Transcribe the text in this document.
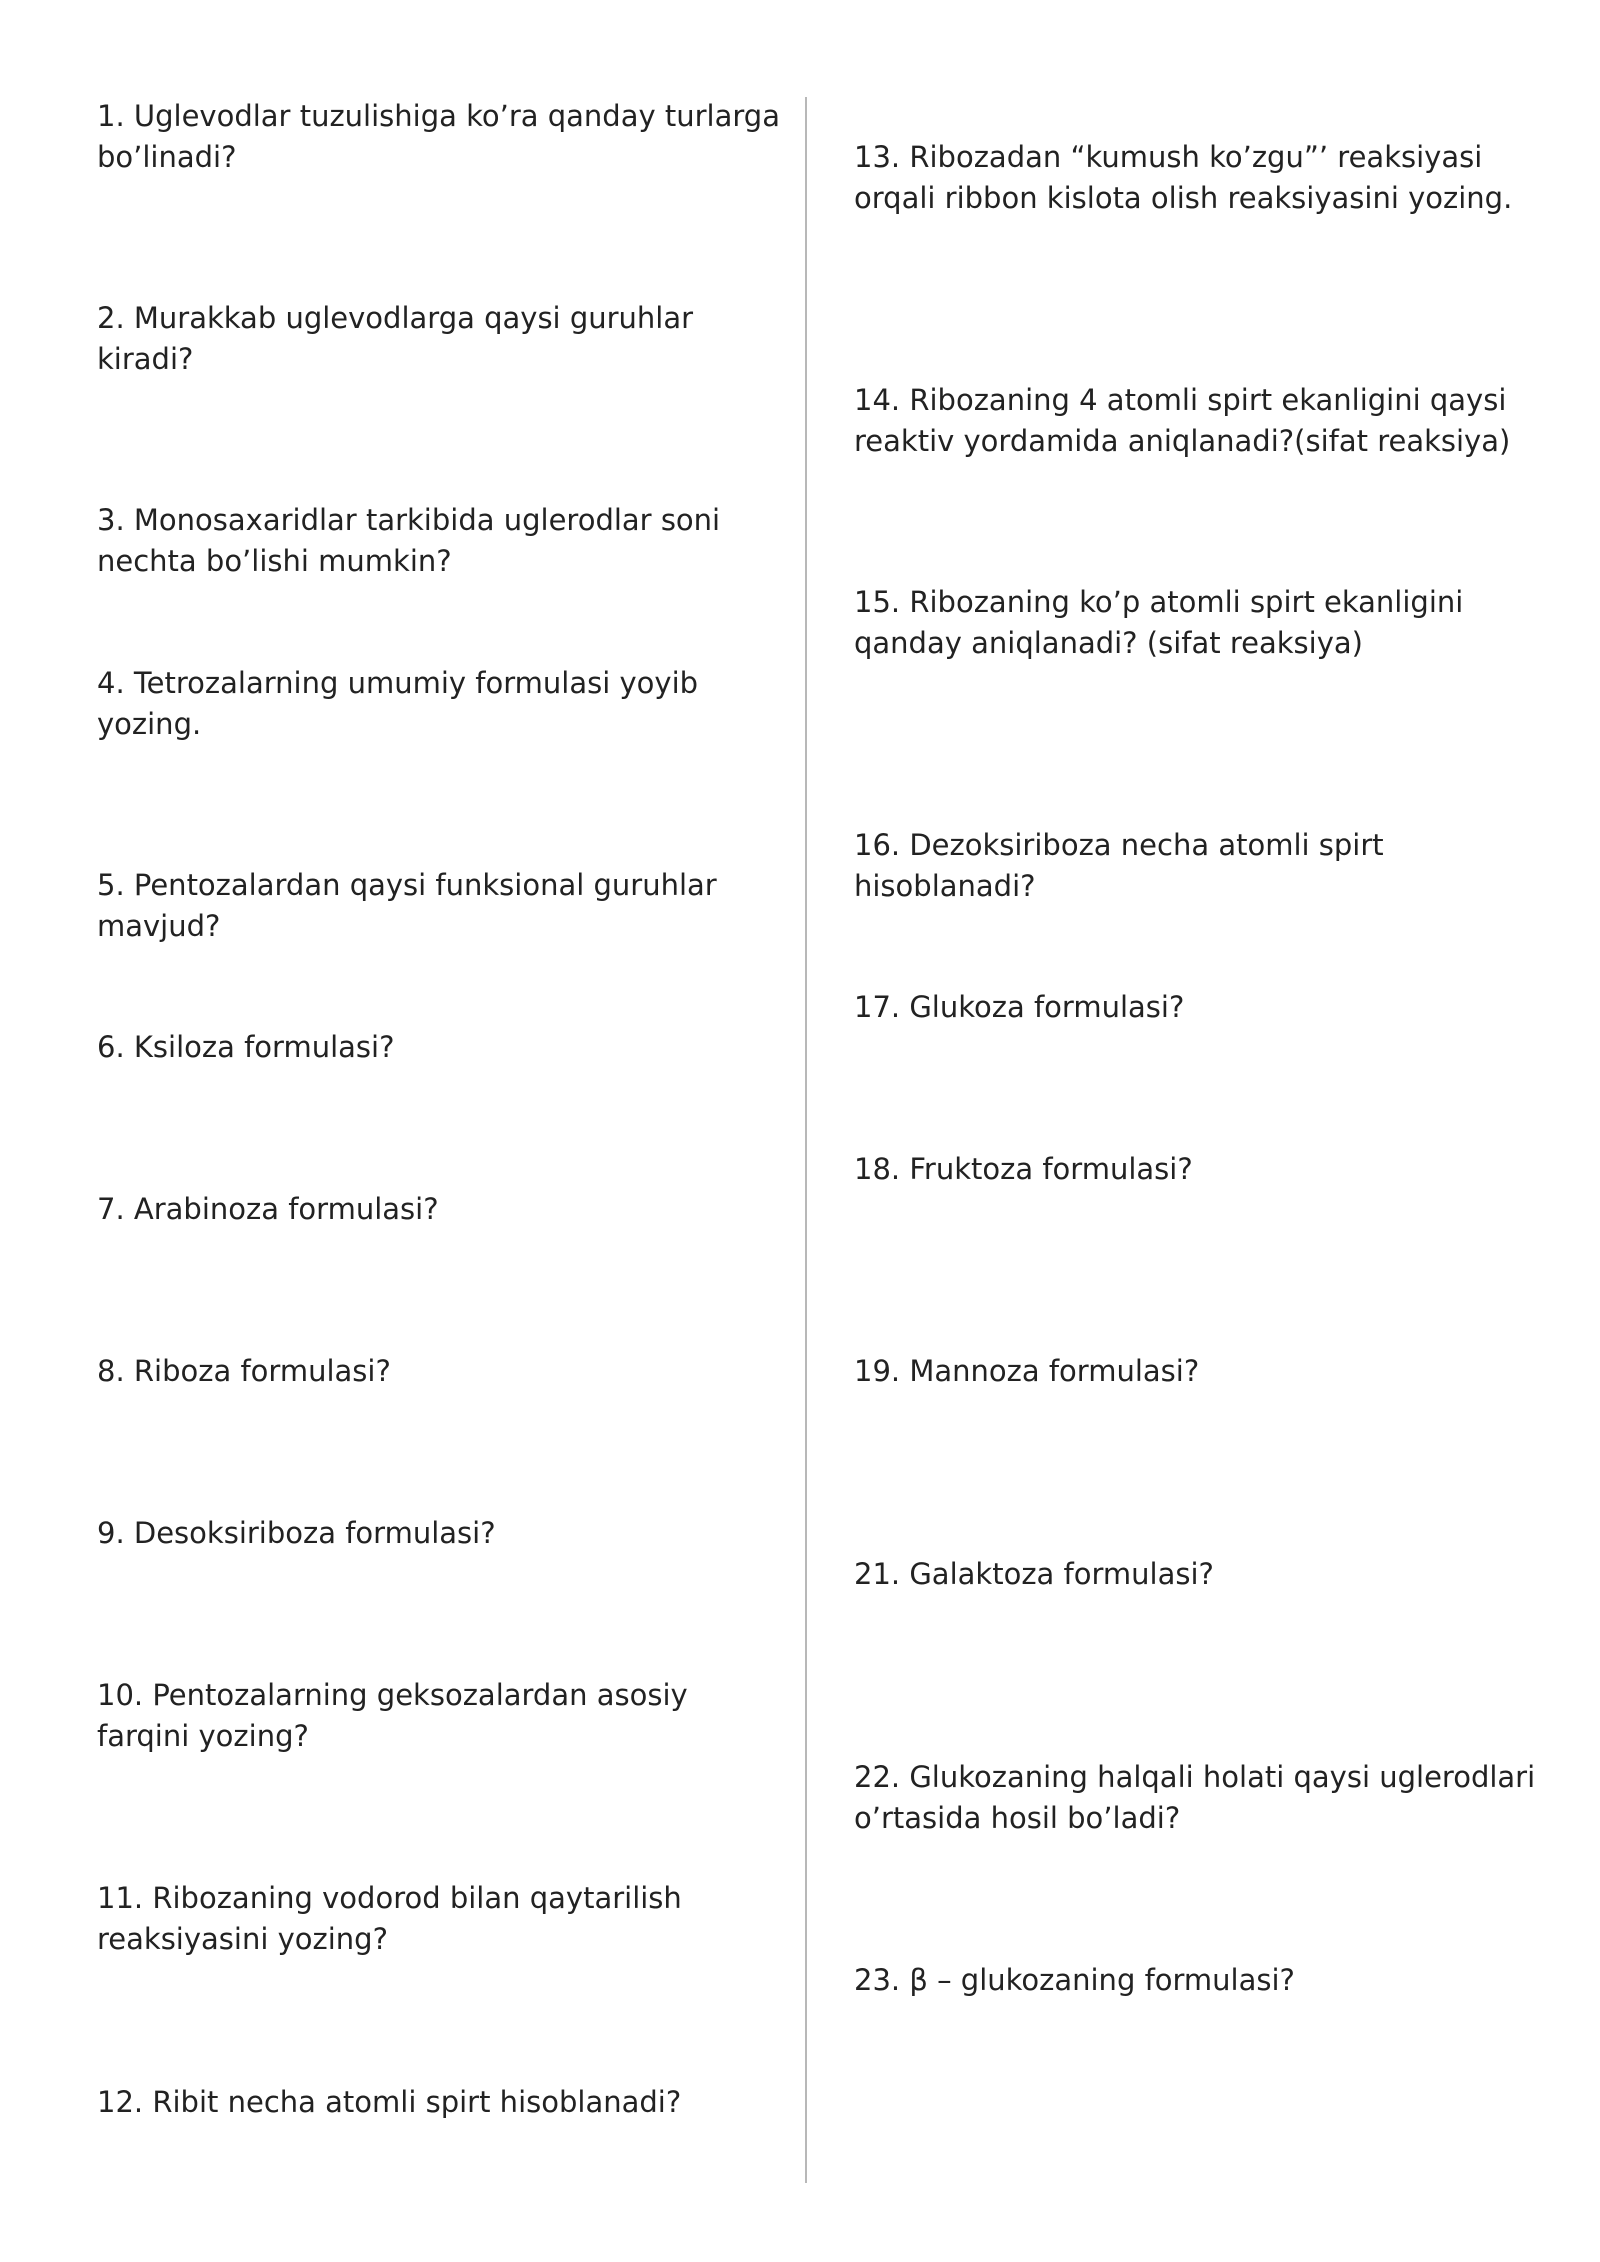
1. Uglevodlar tuzulishiga ko’ra qanday turlarga bo’linadi?

2. Murakkab uglevodlarga qaysi guruhlar kiradi?

3. Monosaxaridlar tarkibida uglerodlar soni nechta bo’lishi mumkin?

4. Tetrozalarning umumiy formulasi yoyib yozing.

5. Pentozalardan qaysi funksional guruhlar mavjud?

6. Ksiloza formulasi?

7. Arabinoza formulasi?

8. Riboza formulasi?

9. Desoksiriboza formulasi?

10. Pentozalarning geksozalardan asosiy farqini yozing?

11. Ribozaning vodorod bilan qaytarilish reaksiyasini yozing?

12. Ribit necha atomli spirt hisoblanadi?

13. Ribozadan “kumush ko’zgu”’ reaksiyasi orqali ribbon kislota olish reaksiyasini yozing.

14. Ribozaning 4 atomli spirt ekanligini qaysi reaktiv yordamida aniqlanadi?(sifat reaksiya)

15. Ribozaning ko’p atomli spirt ekanligini qanday aniqlanadi? (sifat reaksiya)

16. Dezoksiriboza necha atomli spirt hisoblanadi?

17. Glukoza formulasi?

18. Fruktoza formulasi?

19. Mannoza formulasi?

21. Galaktoza formulasi?

22. Glukozaning halqali holati qaysi uglerodlari o’rtasida hosil bo’ladi?

23. β – glukozaning formulasi?
